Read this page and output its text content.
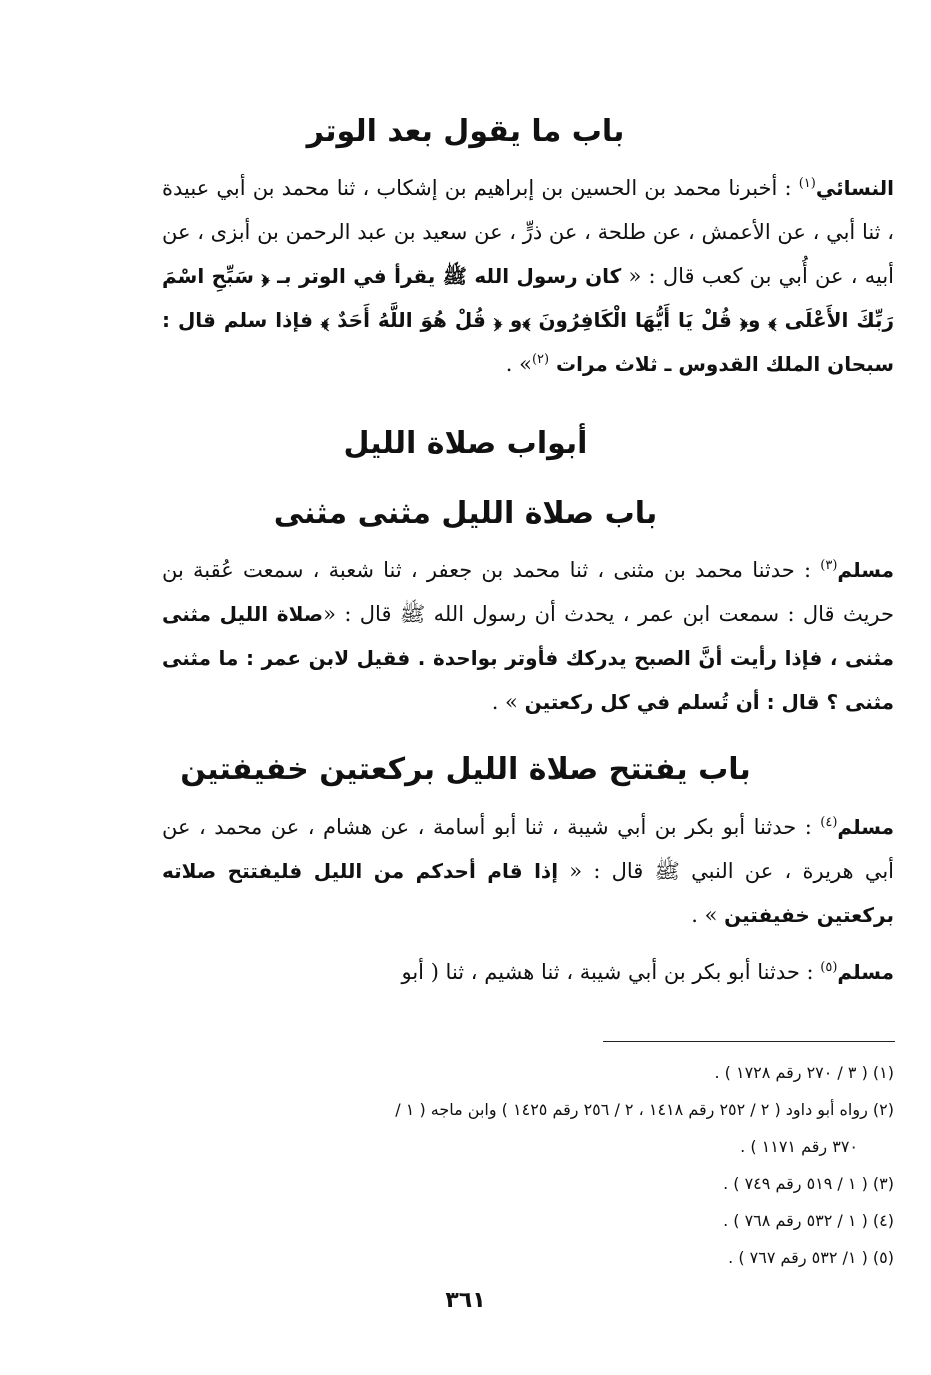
باب ما يقول بعد الوتر
النسائي$^{(١)}$ : أخبرنا محمد بن الحسين بن إبراهيم بن إشكاب ، ثنا محمد بن أبي عبيدة ، ثنا أبي ، عن الأعمش ، عن طلحة ، عن ذرٍّ ، عن سعيد بن عبد الرحمن بن أبزى ، عن أبيه ، عن أُبي بن كعب قال : « كان رسول الله ﷺ يقرأ في الوتر بـ ﴿ سَبِّحِ اسْمَ رَبِّكَ الأَعْلَى ﴾ و﴿ قُلْ يَا أَيُّهَا الْكَافِرُونَ ﴾و ﴿ قُلْ هُوَ اللَّهُ أَحَدٌ ﴾ فإذا سلم قال : سبحان الملك القدوس ـ ثلاث مرات $^{(٢)}$» .
أبواب صلاة الليل
باب صلاة الليل مثنى مثنى
مسلم$^{(٣)}$ : حدثنا محمد بن مثنى ، ثنا محمد بن جعفر ، ثنا شعبة ، سمعت عُقبة بن حريث قال : سمعت ابن عمر ، يحدث أن رسول الله ﷺ قال : «صلاة الليل مثنى مثنى ، فإذا رأيت أنَّ الصبح يدركك فأوتر بواحدة . فقيل لابن عمر : ما مثنى مثنى ؟ قال : أن تُسلم في كل ركعتين » .
باب يفتتح صلاة الليل بركعتين خفيفتين
مسلم$^{(٤)}$ : حدثنا أبو بكر بن أبي شيبة ، ثنا أبو أسامة ، عن هشام ، عن محمد ، عن أبي هريرة ، عن النبي ﷺ قال : « إذا قام أحدكم من الليل فليفتتح صلاته بركعتين خفيفتين » .
مسلم$^{(٥)}$ : حدثنا أبو بكر بن أبي شيبة ، ثنا هشيم ، ثنا ( أبو
(١) ( ٣ / ٢٧٠ رقم ١٧٢٨ ) .
(٢) رواه أبو داود ( ٢ / ٢٥٢ رقم ١٤١٨ ، ٢ / ٢٥٦ رقم ١٤٢٥ ) وابن ماجه ( ١ /
٣٧٠ رقم ١١٧١ ) .
(٣) ( ١ / ٥١٩ رقم ٧٤٩ ) .
(٤) ( ١ / ٥٣٢ رقم ٧٦٨ ) .
(٥) ( ١/ ٥٣٢ رقم ٧٦٧ ) .
٣٦١
